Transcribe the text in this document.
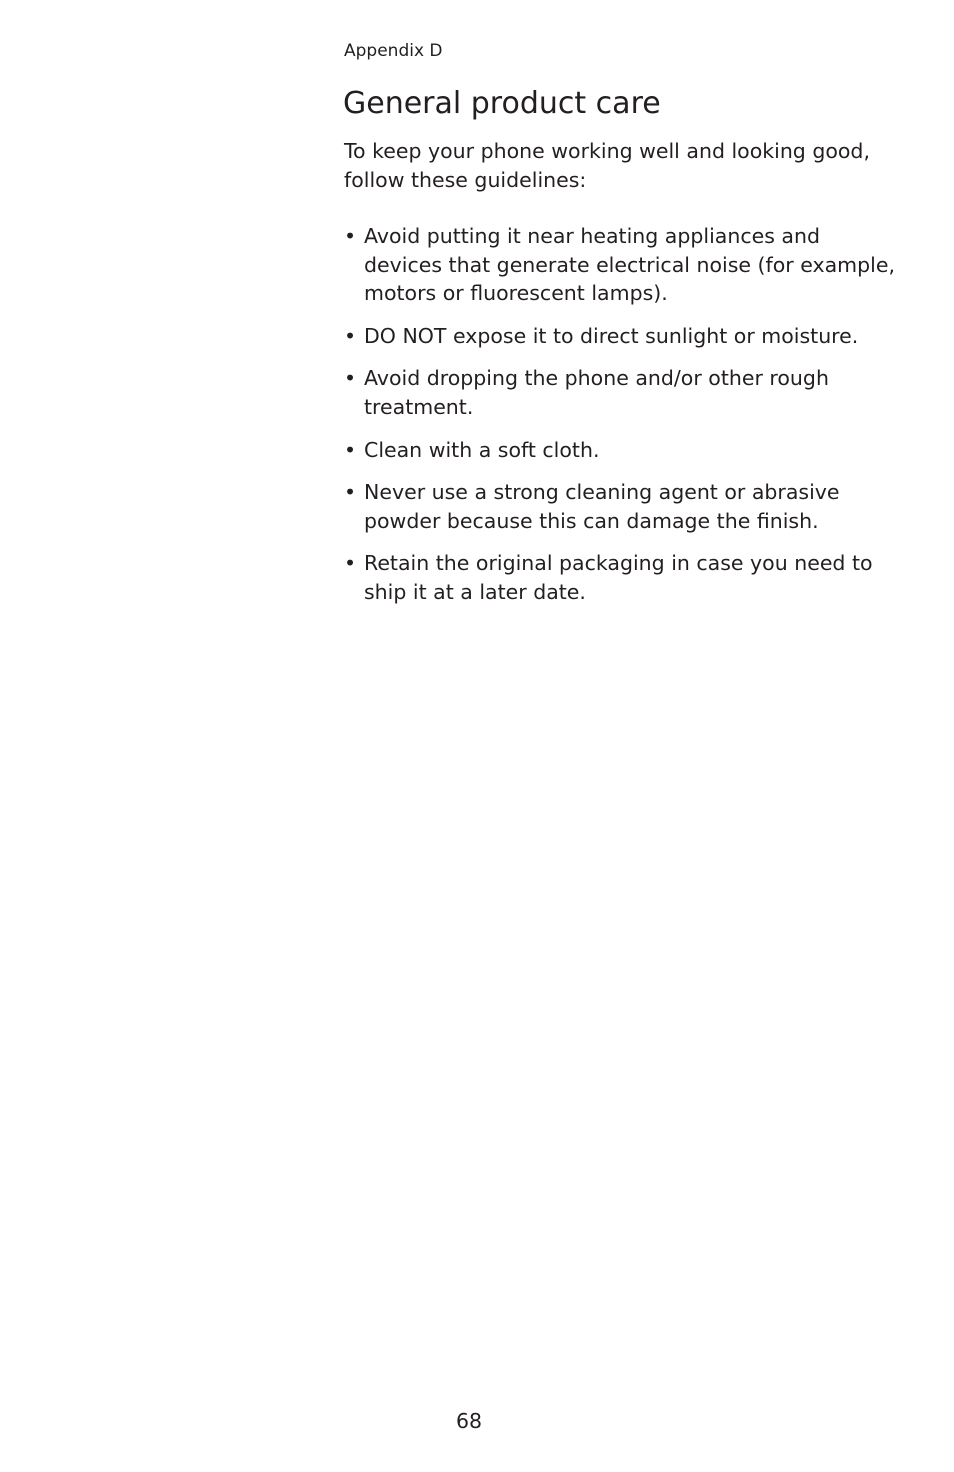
Appendix D
General product care

To keep your phone working well and looking good, follow these guidelines:

• Avoid putting it near heating appliances and devices that generate electrical noise (for example, motors or fluorescent lamps).
• DO NOT expose it to direct sunlight or moisture.
• Avoid dropping the phone and/or other rough treatment.
• Clean with a soft cloth.
• Never use a strong cleaning agent or abrasive powder because this can damage the finish.
• Retain the original packaging in case you need to ship it at a later date.
68
